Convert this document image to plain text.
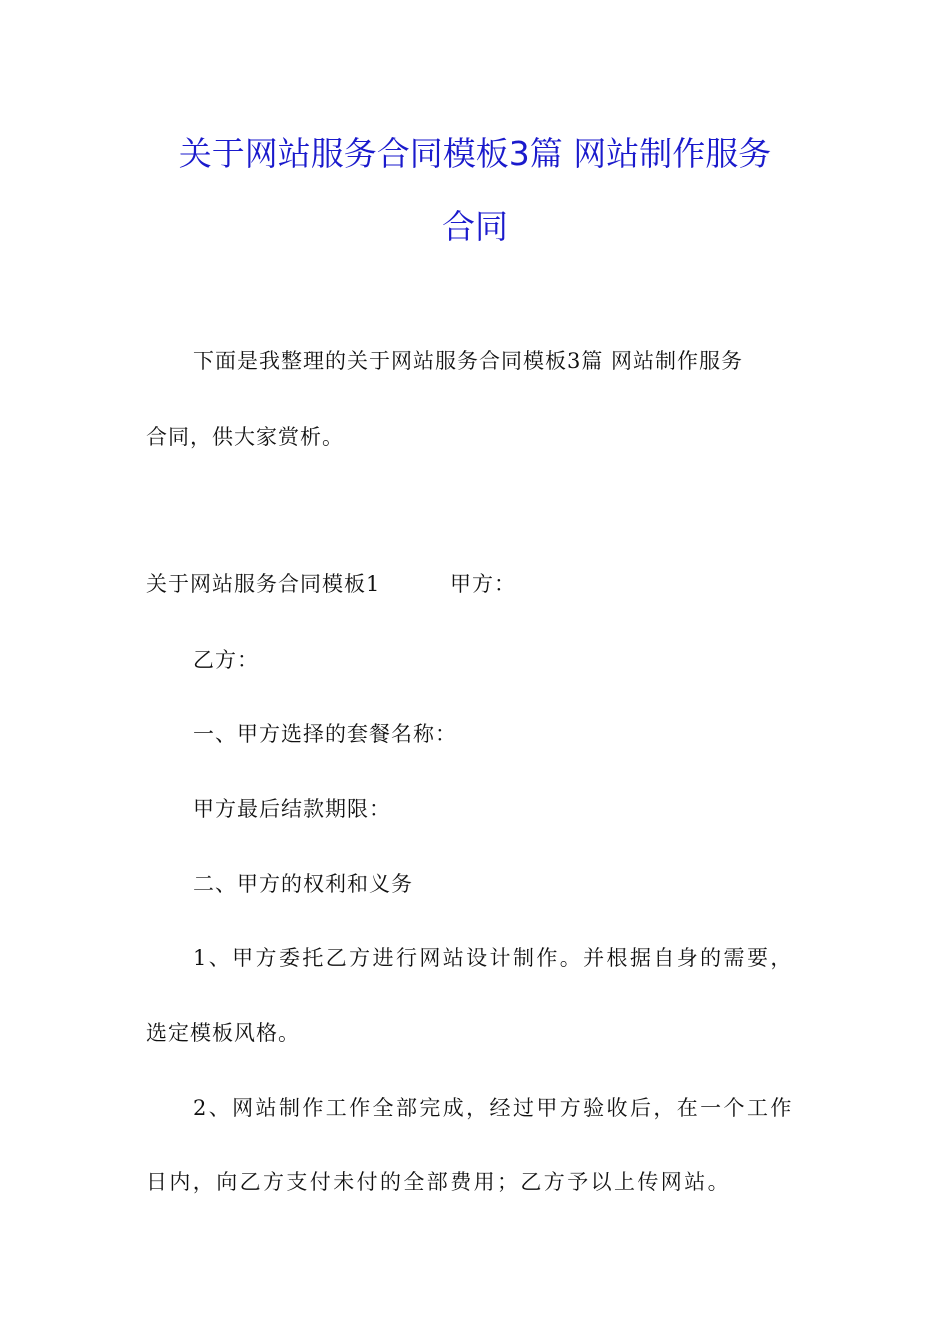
关于网站服务合同模板3篇 网站制作服务
合同
下面是我整理的关于网站服务合同模板3篇 网站制作服务
合同，供大家赏析。
关于网站服务合同模板1	甲方：
乙方：
一、甲方选择的套餐名称：
甲方最后结款期限：
二、甲方的权利和义务
1、甲方委托乙方进行网站设计制作。并根据自身的需要，
选定模板风格。
2、网站制作工作全部完成，经过甲方验收后，在一个工作
日内，向乙方支付未付的全部费用；乙方予以上传网站。
